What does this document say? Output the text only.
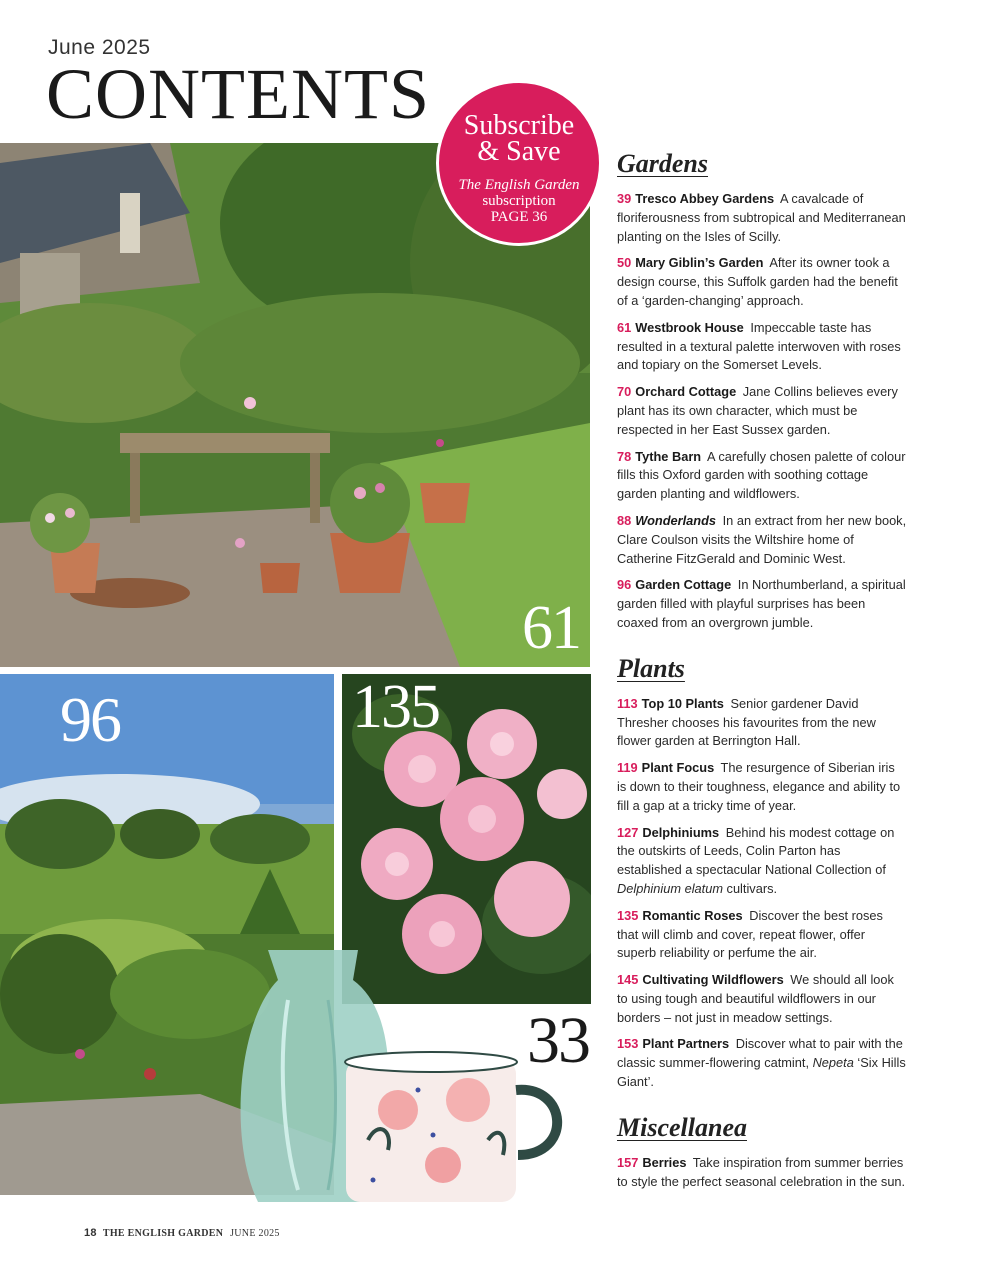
June 2025
CONTENTS
61
96	135
33
Subscribe
& Save
The English Garden
subscription
PAGE 36
Gardens

39 Tresco Abbey Gardens A cavalcade of floriferousness from subtropical and Mediterranean planting on the Isles of Scilly.

50 Mary Giblin’s Garden After its owner took a design course, this Suffolk garden had the benefit of a ‘garden-changing’ approach.

61 Westbrook House Impeccable taste has resulted in a textural palette interwoven with roses and topiary on the Somerset Levels.

70 Orchard Cottage Jane Collins believes every plant has its own character, which must be respected in her East Sussex garden.

78 Tythe Barn A carefully chosen palette of colour fills this Oxford garden with soothing cottage garden planting and wildflowers.

88 Wonderlands In an extract from her new book, Clare Coulson visits the Wiltshire home of Catherine FitzGerald and Dominic West.

96 Garden Cottage In Northumberland, a spiritual garden filled with playful surprises has been coaxed from an overgrown jumble.

Plants

113 Top 10 Plants Senior gardener David Thresher chooses his favourites from the new flower garden at Berrington Hall.

119 Plant Focus The resurgence of Siberian iris is down to their toughness, elegance and ability to fill a gap at a tricky time of year.

127 Delphiniums Behind his modest cottage on the outskirts of Leeds, Colin Parton has established a spectacular National Collection of Delphinium elatum cultivars.

135 Romantic Roses Discover the best roses that will climb and cover, repeat flower, offer superb reliability or perfume the air.

145 Cultivating Wildflowers We should all look to using tough and beautiful wildflowers in our borders – not just in meadow settings.

153 Plant Partners Discover what to pair with the classic summer-flowering catmint, Nepeta ‘Six Hills Giant’.

Miscellanea

157 Berries Take inspiration from summer berries to style the perfect seasonal celebration in the sun.

18 THE ENGLISH GARDEN JUNE 2025
